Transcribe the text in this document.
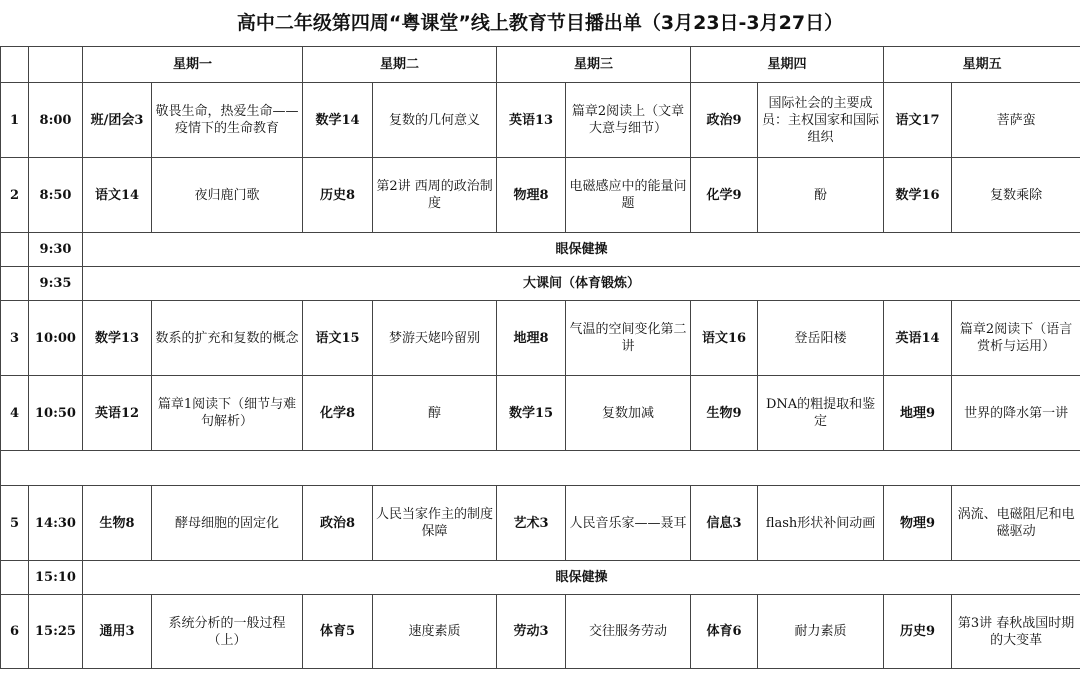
高中二年级第四周“粤课堂”线上教育节目播出单（3月23日-3月27日）
		星期一		星期二		星期三		星期四		星期五	
1	8:00	班/团会3	敬畏生命，热爱生命——疫情下的生命教育	数学14	复数的几何意义	英语13	篇章2阅读上（文章大意与细节）	政治9	国际社会的主要成员：主权国家和国际组织	语文17	菩萨蛮
2	8:50	语文14	夜归鹿门歌	历史8	第2讲 西周的政治制度	物理8	电磁感应中的能量问题	化学9	酚	数学16	复数乘除
	9:30	眼保健操									
	9:35	大课间（体育锻炼）									
3	10:00	数学13	数系的扩充和复数的概念	语文15	梦游天姥吟留别	地理8	气温的空间变化第二讲	语文16	登岳阳楼	英语14	篇章2阅读下（语言赏析与运用）
4	10:50	英语12	篇章1阅读下（细节与难句解析）	化学8	醇	数学15	复数加减	生物9	DNA的粗提取和鉴定	地理9	世界的降水第一讲

5	14:30	生物8	酵母细胞的固定化	政治8	人民当家作主的制度保障	艺术3	人民音乐家——聂耳	信息3	flash形状补间动画	物理9	涡流、电磁阻尼和电磁驱动
	15:10	眼保健操									
6	15:25	通用3	系统分析的一般过程（上）	体育5	速度素质	劳动3	交往服务劳动	体育6	耐力素质	历史9	第3讲 春秋战国时期的大变革
